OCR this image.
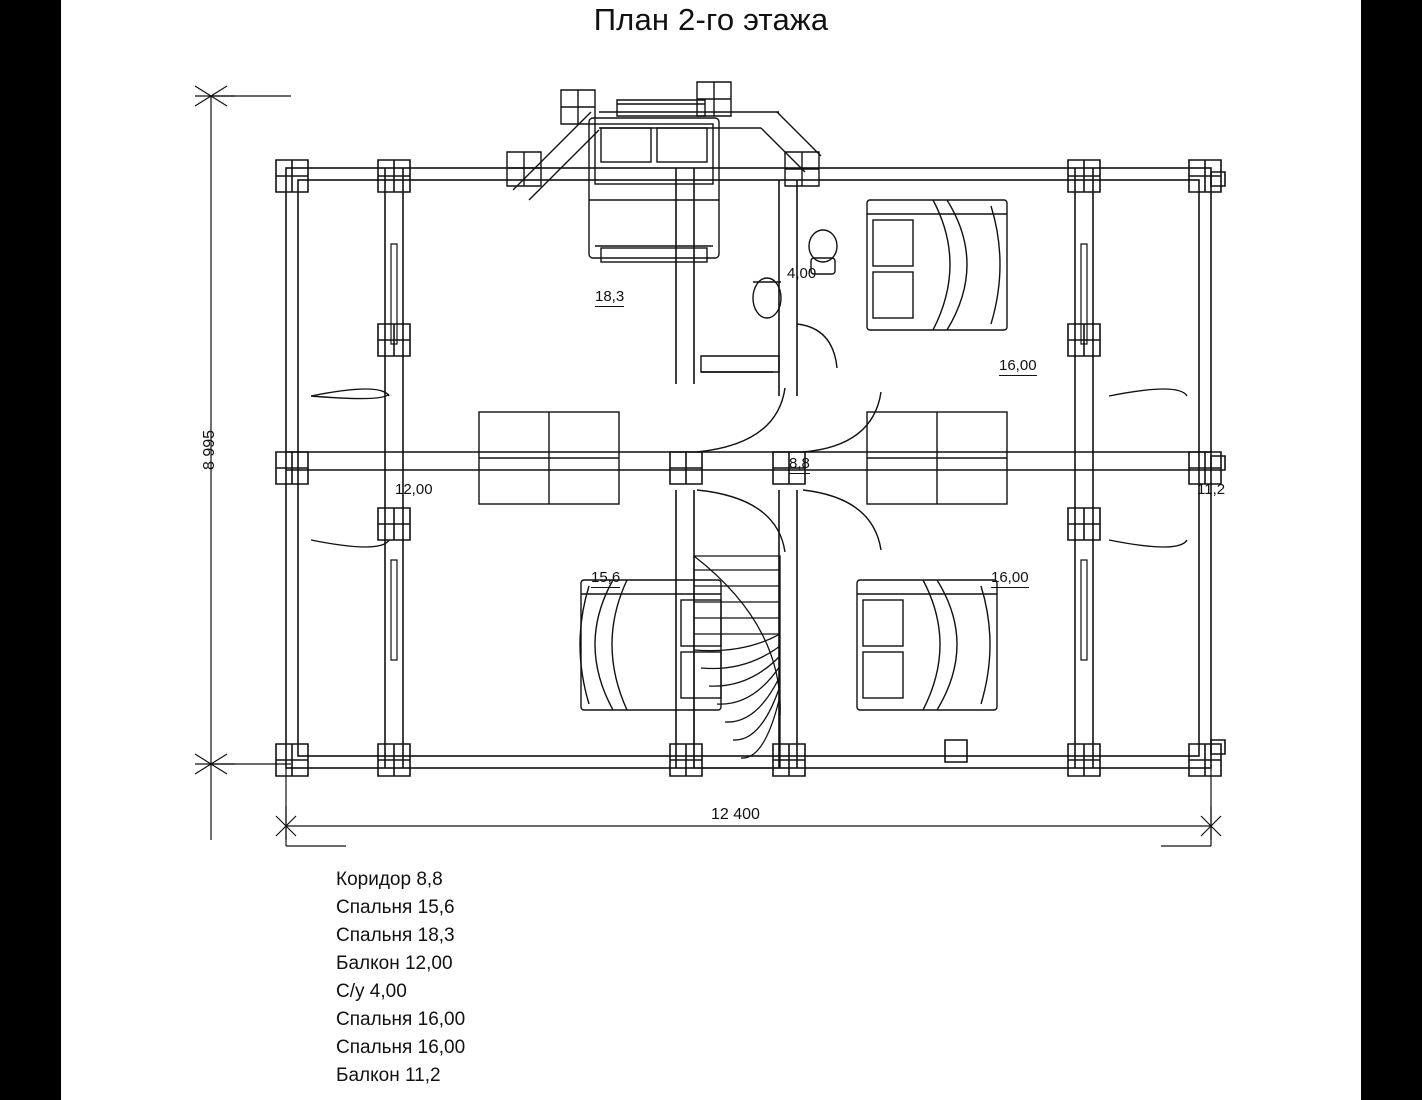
План 2-го этажа
18,3
4,00
16,00
8,8
12,00	11,2
15,6	16,00
8 995
12 400
Коридор 8,8
Спальня 15,6
Спальня 18,3
Балкон 12,00
С/у 4,00
Спальня 16,00
Спальня 16,00
Балкон 11,2
